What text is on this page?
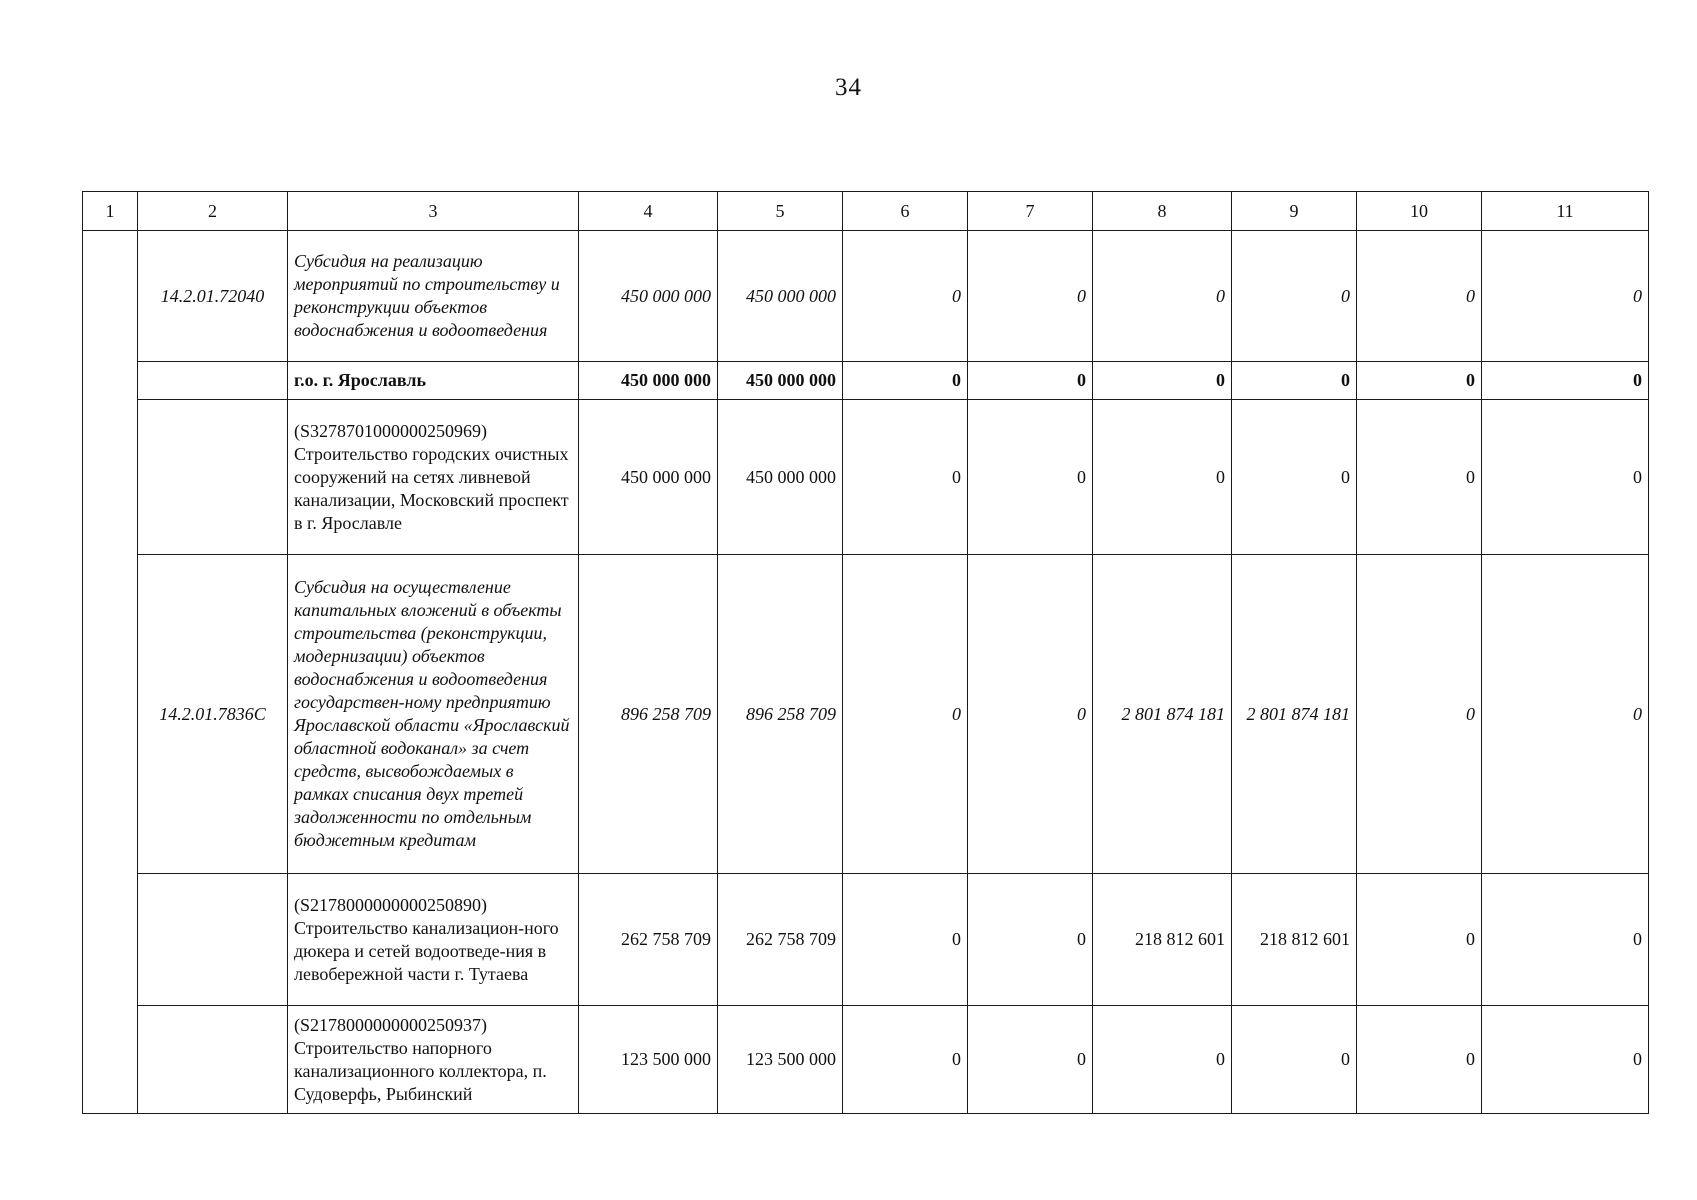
34
1	2	3	4	5	6	7	8	9	10	11
	14.2.01.72040	Субсидия на реализацию мероприятий по строительству и реконструкции объектов водоснабжения и водоотведения	450 000 000	450 000 000	0	0	0	0	0	0
		г.о. г. Ярославль	450 000 000	450 000 000	0	0	0	0	0	0
		(S3278701000000250969) Строительство городских очистных сооружений на сетях ливневой канализации, Московский проспект в г. Ярославле	450 000 000	450 000 000	0	0	0	0	0	0
	14.2.01.7836C	Субсидия на осуществление капитальных вложений в объекты строительства (реконструкции, модернизации) объектов водоснабжения и водоотведения государствен-ному предприятию Ярославской области «Ярославский областной водоканал» за счет средств, высвобождаемых в рамках списания двух третей задолженности по отдельным бюджетным кредитам	896 258 709	896 258 709	0	0	2 801 874 181	2 801 874 181	0	0
		(S2178000000000250890) Строительство канализацион-ного дюкера и сетей водоотведе-ния в левобережной части г. Тутаева	262 758 709	262 758 709	0	0	218 812 601	218 812 601	0	0
		(S2178000000000250937) Строительство напорного канализационного коллектора, п. Судоверфь, Рыбинский	123 500 000	123 500 000	0	0	0	0	0	0
